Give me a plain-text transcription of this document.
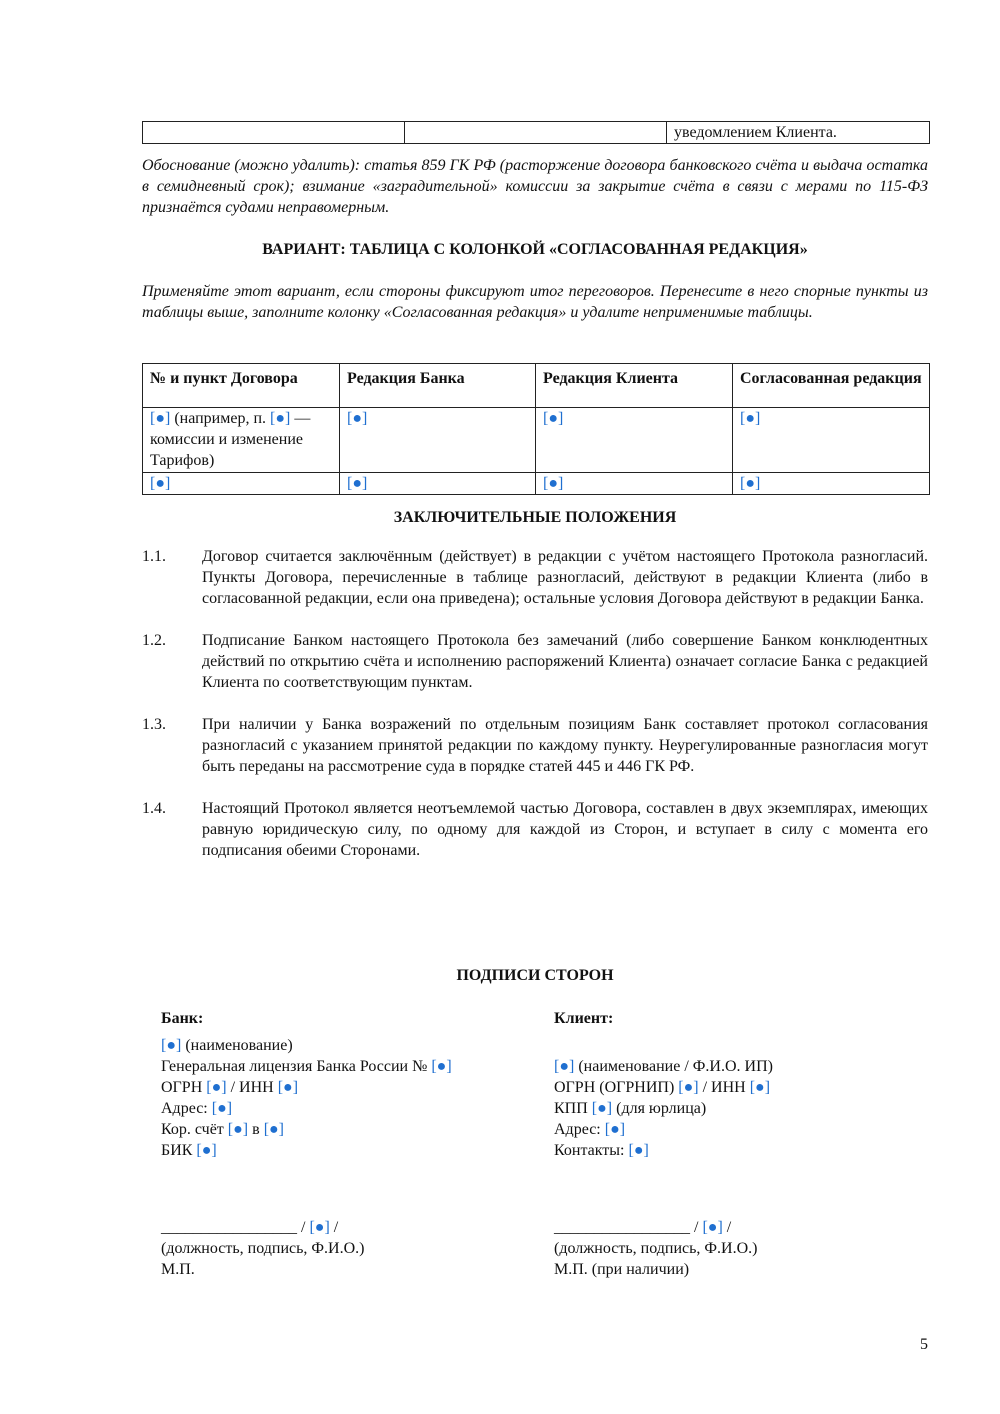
		уведомлением Клиента.
Обоснование (можно удалить): статья 859 ГК РФ (расторжение договора банковского счёта и выдача остатка в семидневный срок); взимание «заградительной» комиссии за закрытие счёта в связи с мерами по 115-ФЗ признаётся судами неправомерным.
ВАРИАНТ: ТАБЛИЦА С КОЛОНКОЙ «СОГЛАСОВАННАЯ РЕДАКЦИЯ»
Применяйте этот вариант, если стороны фиксируют итог переговоров. Перенесите в него спорные пункты из таблицы выше, заполните колонку «Согласованная редакция» и удалите неприменимые таблицы.
№ и пункт Договора	Редакция Банка	Редакция Клиента	Согласованная редакция
[●] (например, п. [●] — комиссии и изменение Тарифов)	[●]	[●]	[●]
[●]	[●]	[●]	[●]
ЗАКЛЮЧИТЕЛЬНЫЕ ПОЛОЖЕНИЯ
1.1.	Договор считается заключённым (действует) в редакции с учётом настоящего Протокола разногласий. Пункты Договора, перечисленные в таблице разногласий, действуют в редакции Клиента (либо в согласованной редакции, если она приведена); остальные условия Договора действуют в редакции Банка.
1.2.	Подписание Банком настоящего Протокола без замечаний (либо совершение Банком конклюдентных действий по открытию счёта и исполнению распоряжений Клиента) означает согласие Банка с редакцией Клиента по соответствующим пунктам.
1.3.	При наличии у Банка возражений по отдельным позициям Банк составляет протокол согласования разногласий с указанием принятой редакции по каждому пункту. Неурегулированные разногласия могут быть переданы на рассмотрение суда в порядке статей 445 и 446 ГК РФ.
1.4.	Настоящий Протокол является неотъемлемой частью Договора, составлен в двух экземплярах, имеющих равную юридическую силу, по одному для каждой из Сторон, и вступает в силу с момента его подписания обеими Сторонами.
ПОДПИСИ СТОРОН
Банк:
[●] (наименование)
Генеральная лицензия Банка России № [●]
ОГРН [●] / ИНН [●]
Адрес: [●]
Кор. счёт [●] в [●]
БИК [●]
Клиент:
[●] (наименование / Ф.И.О. ИП)
ОГРН (ОГРНИП) [●] / ИНН [●]
КПП [●] (для юрлица)
Адрес: [●]
Контакты: [●]
_________________ / [●] /
(должность, подпись, Ф.И.О.)
М.П.
_________________ / [●] /
(должность, подпись, Ф.И.О.)
М.П. (при наличии)
5
